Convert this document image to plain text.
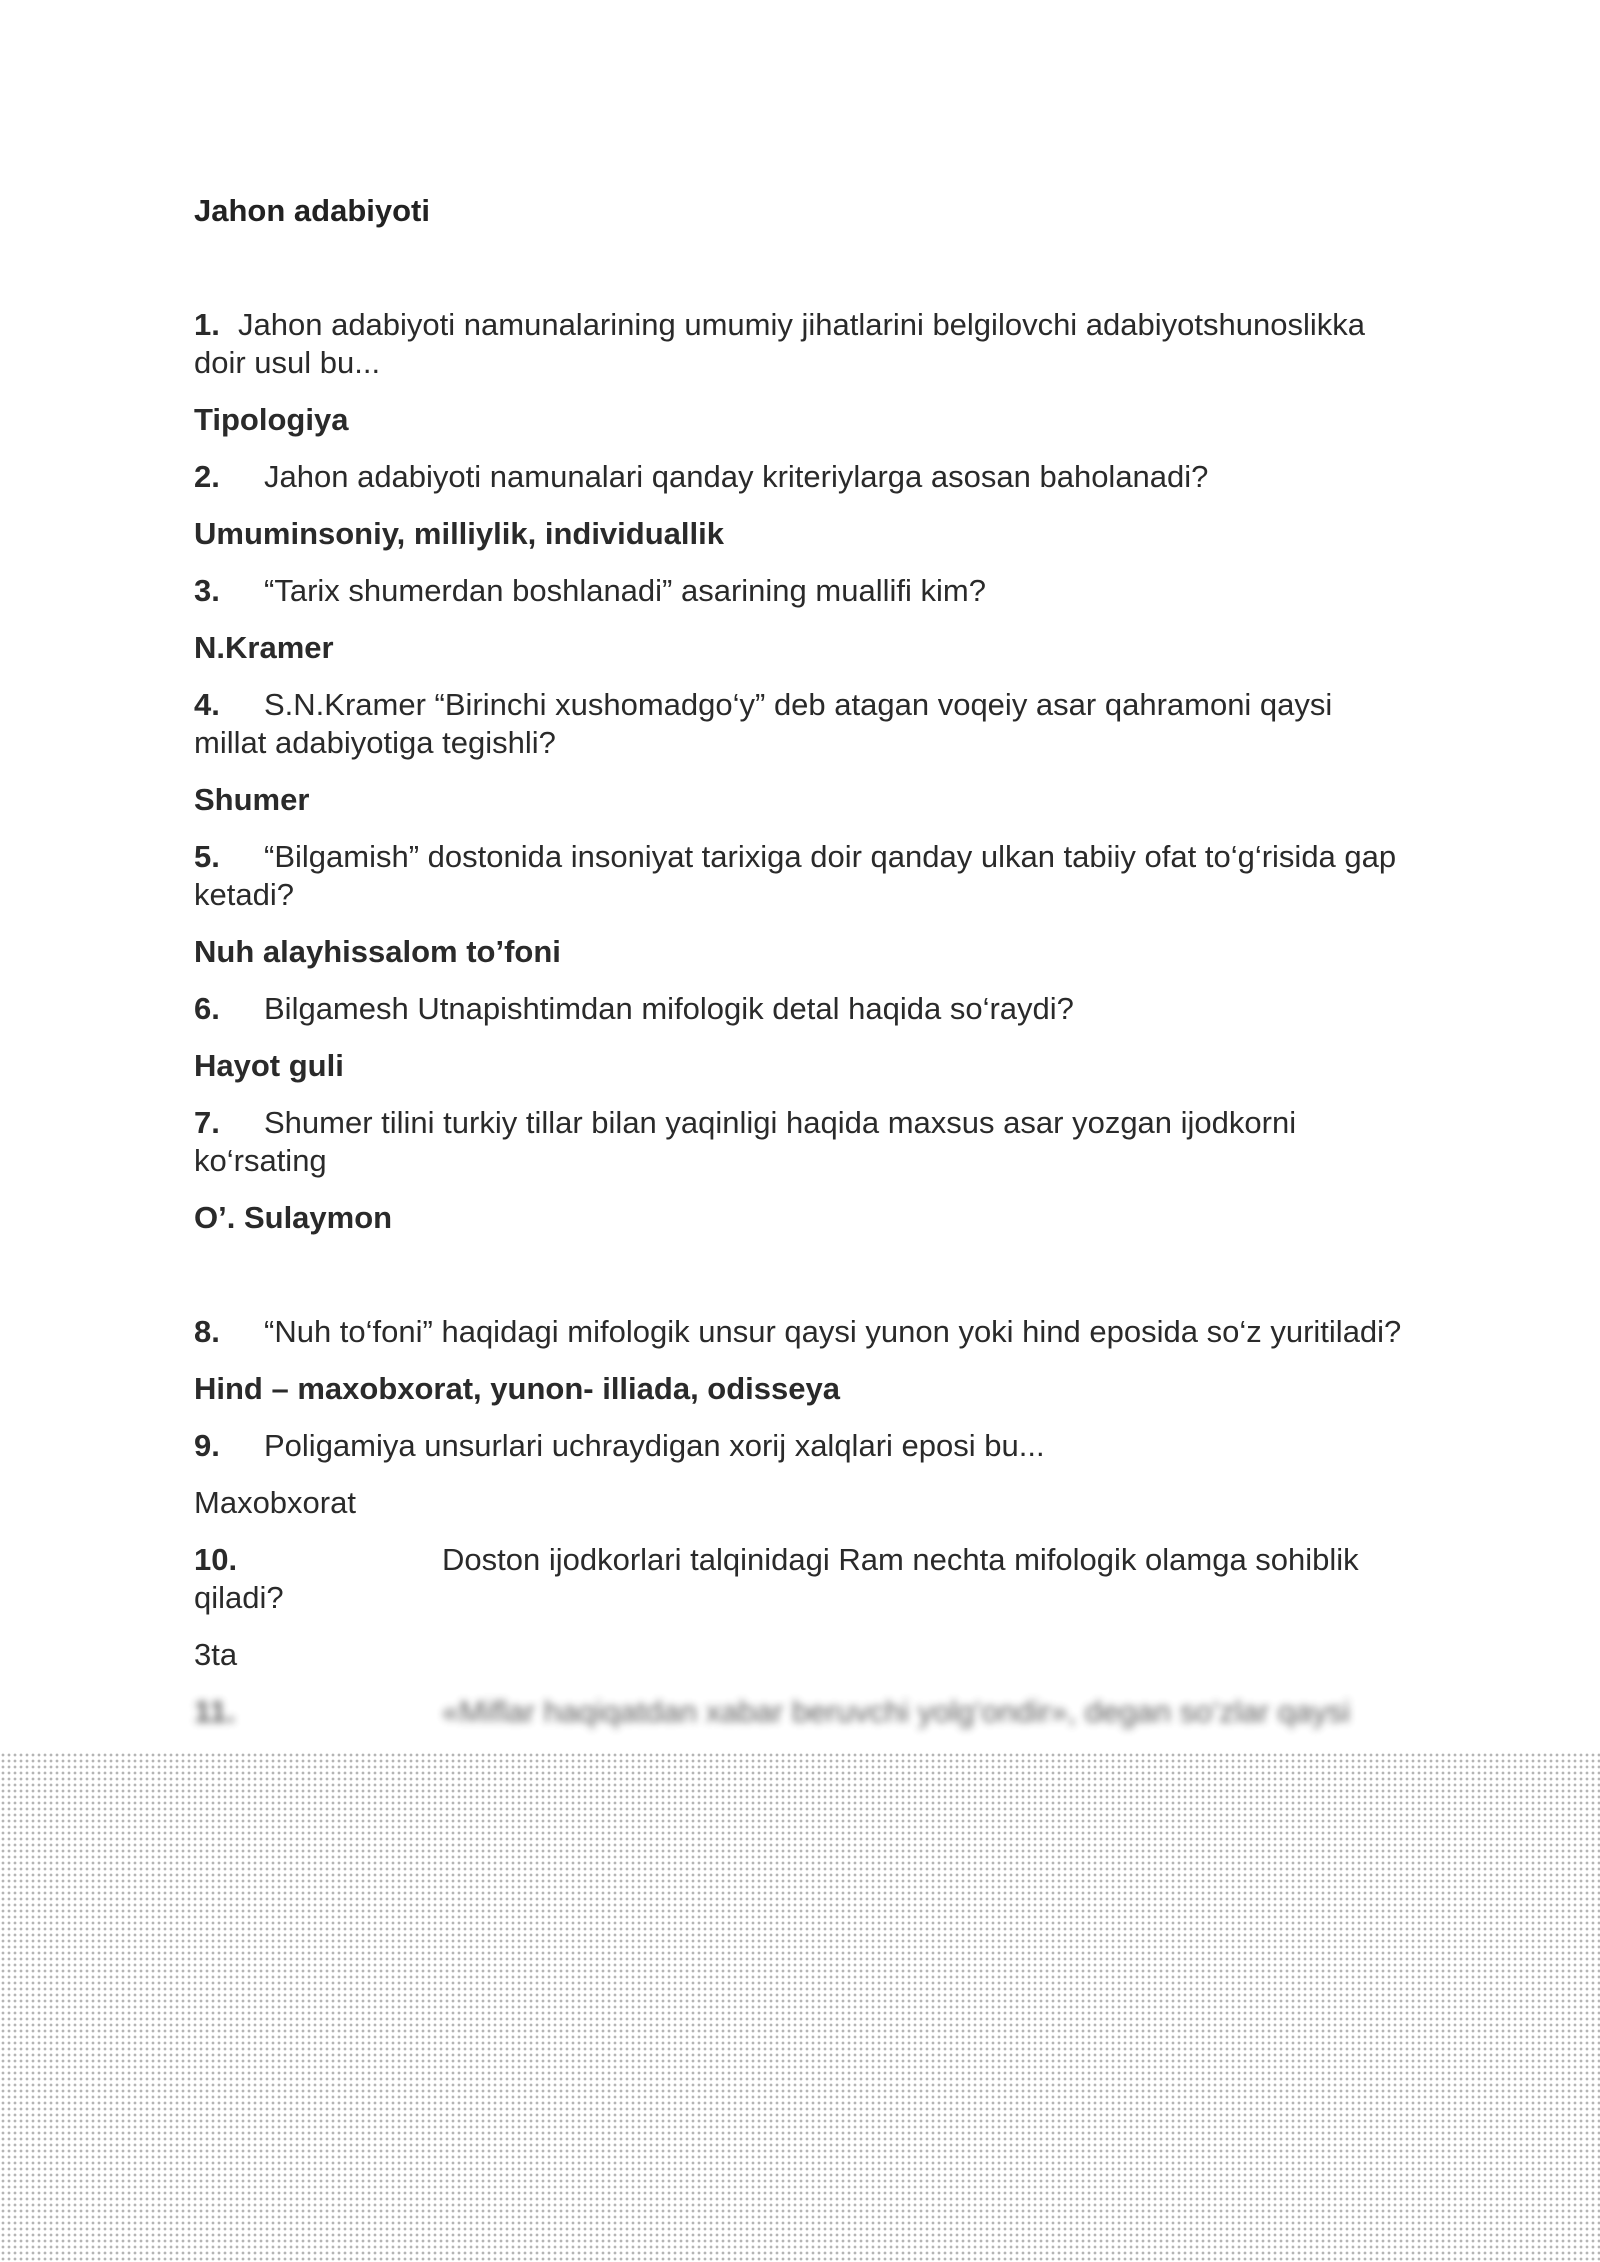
Jahon adabiyoti

1. Jahon adabiyoti namunalarining umumiy jihatlarini belgilovchi adabiyotshunoslikka doir usul bu...

Tipologiya

2. Jahon adabiyoti namunalari qanday kriteriylarga asosan baholanadi?

Umuminsoniy, milliylik, individuallik

3. “Tarix shumerdan boshlanadi” asarining muallifi kim?

N.Kramer

4. S.N.Kramer “Birinchi xushomadgo‘y” deb atagan voqeiy asar qahramoni qaysi millat adabiyotiga tegishli?

Shumer

5. “Bilgamish” dostonida insoniyat tarixiga doir qanday ulkan tabiiy ofat to‘g‘risida gap ketadi?

Nuh alayhissalom to’foni

6. Bilgamesh Utnapishtimdan mifologik detal haqida so‘raydi?

Hayot guli

7. Shumer tilini turkiy tillar bilan yaqinligi haqida maxsus asar yozgan ijodkorni ko‘rsating

O’. Sulaymon

8. “Nuh to‘foni” haqidagi mifologik unsur qaysi yunon yoki hind eposida so‘z yuritiladi?

Hind – maxobxorat, yunon- illiada, odisseya

9. Poligamiya unsurlari uchraydigan xorij xalqlari eposi bu...

Maxobxorat

10.	Doston ijodkorlari talqinidagi Ram nechta mifologik olamga sohiblik qiladi?

3ta

11.	«Miflar haqiqatdan xabar beruvchi yolg‘ondir», degan so‘zlar qaysi
